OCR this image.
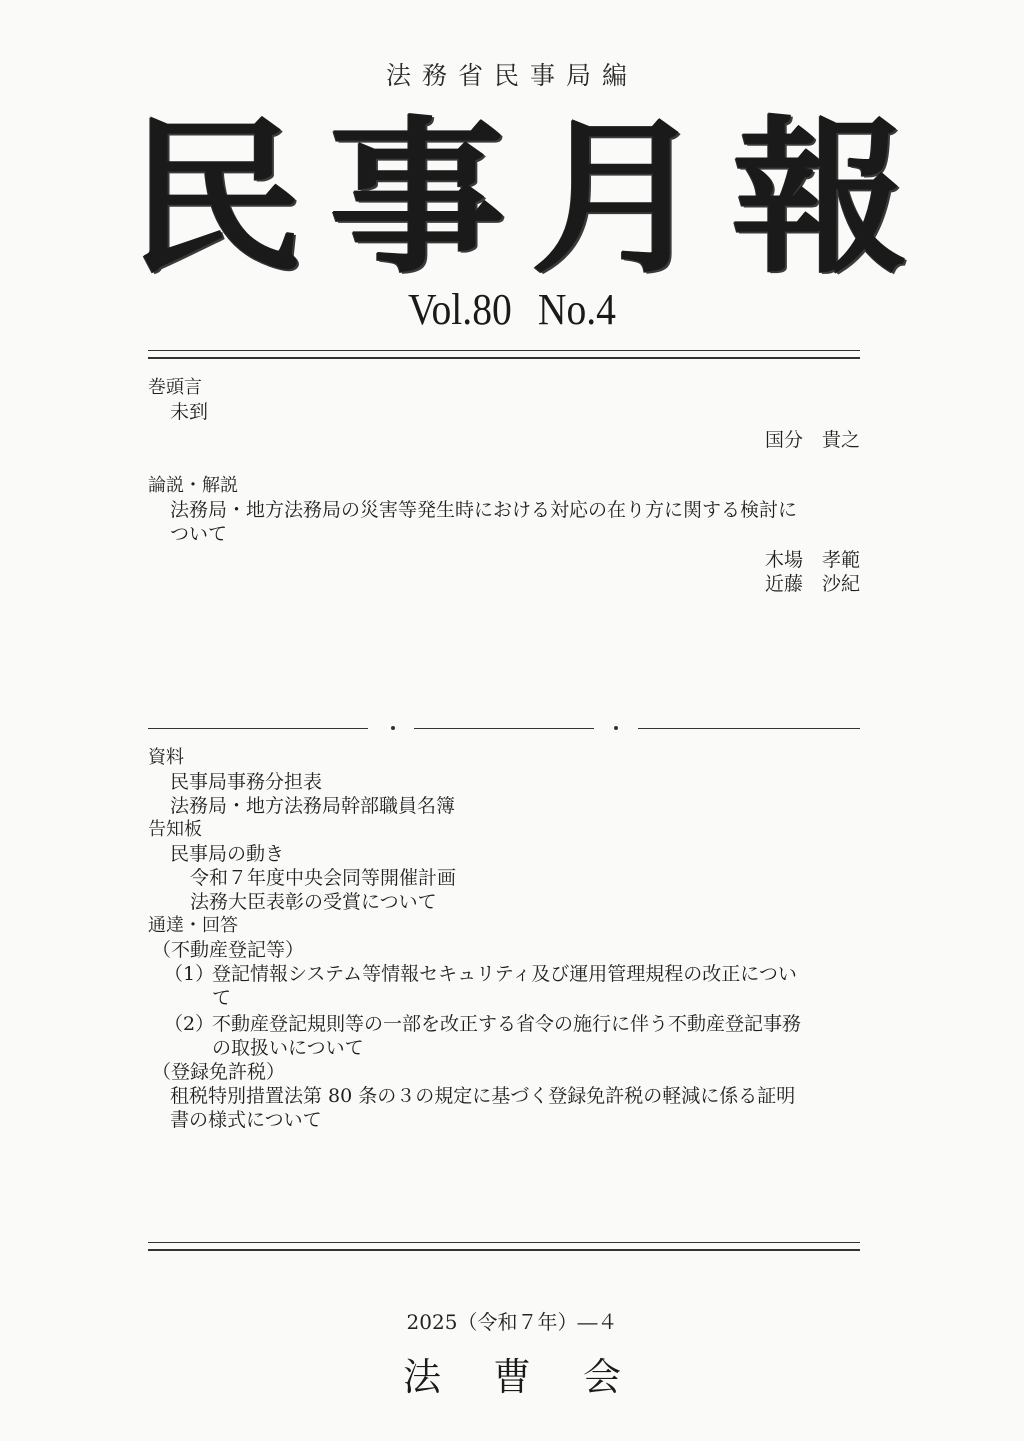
法務省民事局編
民 事 月 報
Vol.80 No.4
巻頭言
未到
国分　貴之
論説・解説
法務局・地方法務局の災害等発生時における対応の在り方に関する検討に
ついて
木場　孝範
近藤　沙紀
資料
民事局事務分担表
法務局・地方法務局幹部職員名簿
告知板
民事局の動き
令和７年度中央会同等開催計画
法務大臣表彰の受賞について
通達・回答
（不動産登記等）
（1）
登記情報システム等情報セキュリティ及び運用管理規程の改正につい
て
（2）
不動産登記規則等の一部を改正する省令の施行に伴う不動産登記事務
の取扱いについて
（登録免許税）
租税特別措置法第 80 条の３の規定に基づく登録免許税の軽減に係る証明
書の様式について
2025（令和７年）―４
法曹会
